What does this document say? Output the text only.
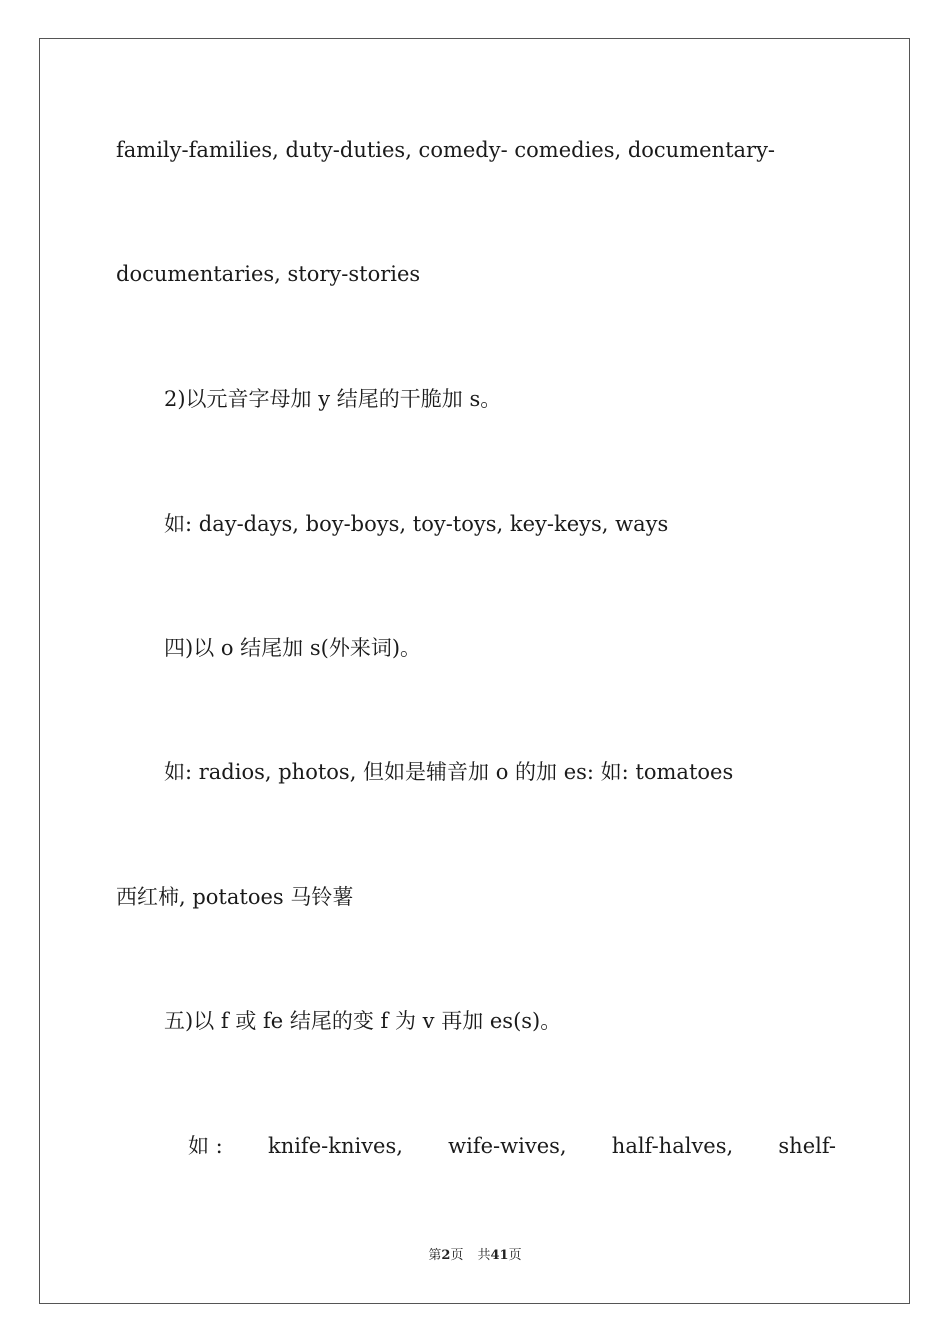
family-families, duty-duties, comedy- comedies, documentary-
documentaries, story-stories
2)以元音字母加 y 结尾的干脆加 s。
如: day-days, boy-boys, toy-toys, key-keys, ways
四)以 o 结尾加 s(外来词)。
如: radios, photos, 但如是辅音加 o 的加 es: 如: tomatoes
西红柿, potatoes 马铃薯
五)以 f 或 fe 结尾的变 f 为 v 再加 es(s)。
如 : knife-knives, wife-wives, half-halves, shelf-
第2页 共41页
